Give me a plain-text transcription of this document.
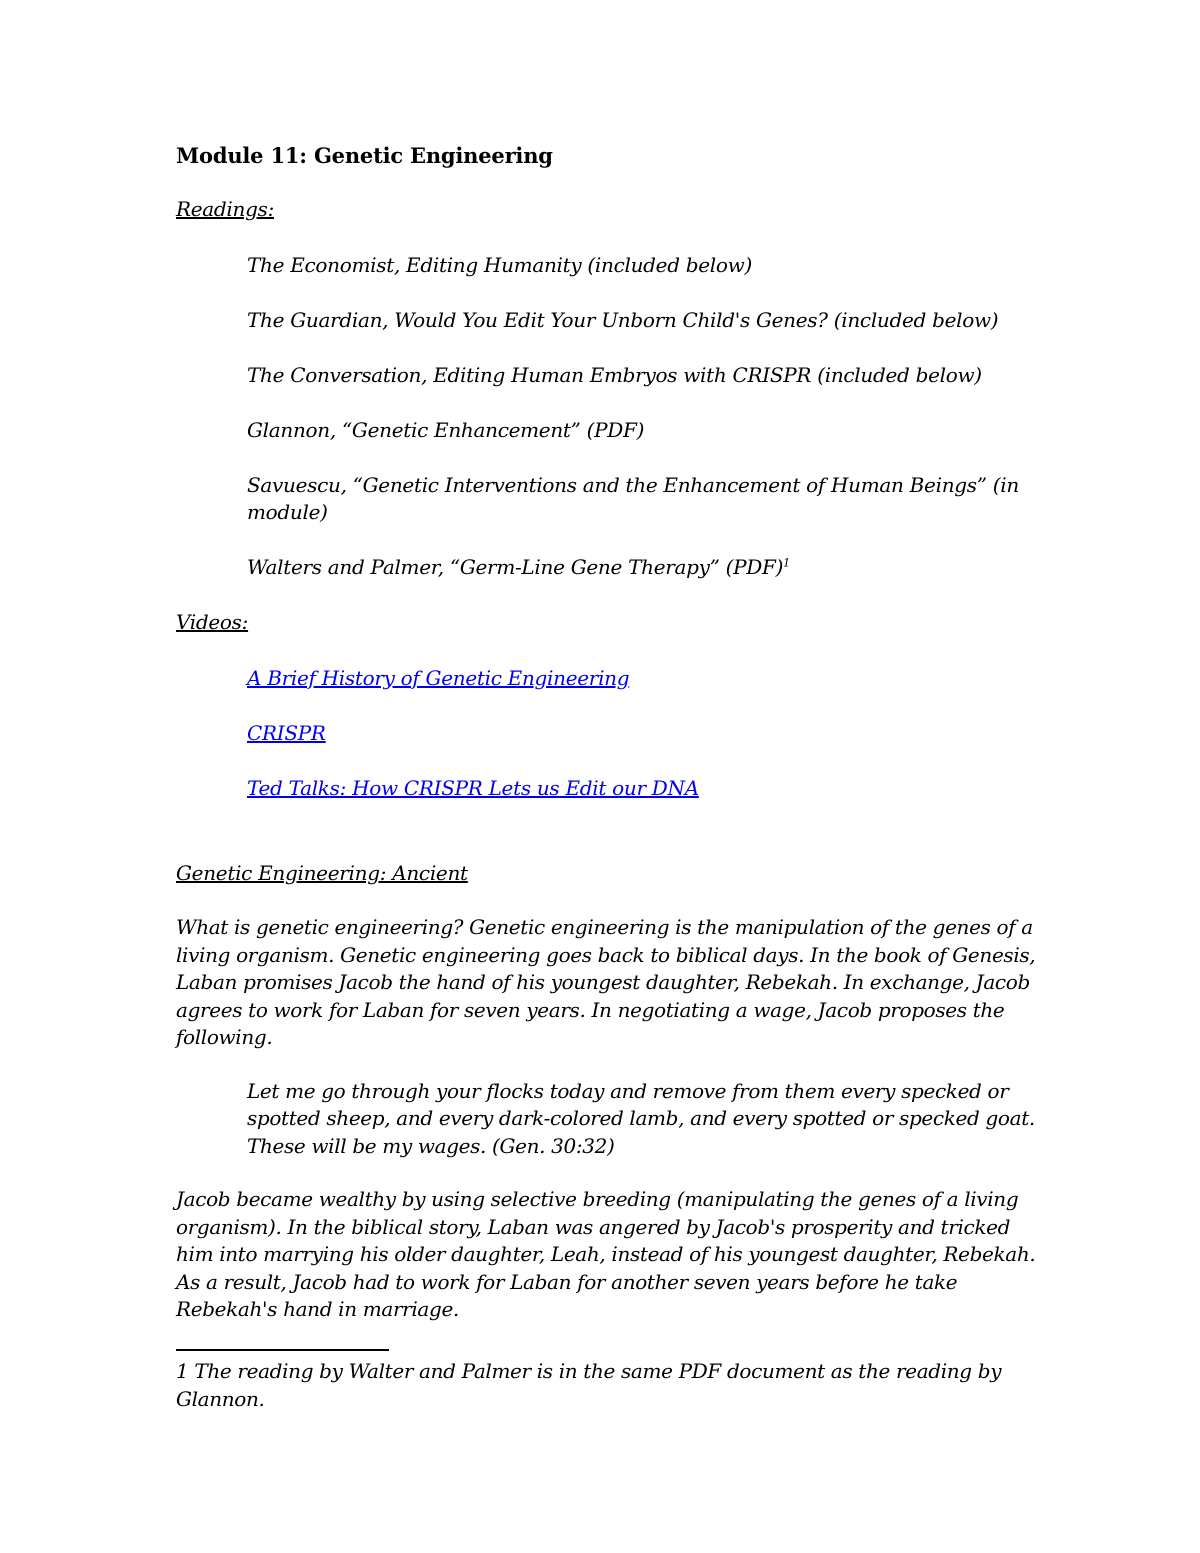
Module 11: Genetic Engineering

Readings:

The Economist, Editing Humanity (included below)
The Guardian, Would You Edit Your Unborn Child's Genes? (included below)
The Conversation, Editing Human Embryos with CRISPR (included below)
Glannon, “Genetic Enhancement” (PDF)
Savuescu, “Genetic Interventions and the Enhancement of Human Beings” (in module)
Walters and Palmer, “Germ-Line Gene Therapy” (PDF)$^1$

Videos:

A Brief History of Genetic Engineering
CRISPR
Ted Talks: How CRISPR Lets us Edit our DNA

Genetic Engineering: Ancient

What is genetic engineering? Genetic engineering is the manipulation of the genes of a living organism. Genetic engineering goes back to biblical days. In the book of Genesis, Laban promises Jacob the hand of his youngest daughter, Rebekah. In exchange, Jacob agrees to work for Laban for seven years. In negotiating a wage, Jacob proposes the following.

Let me go through your flocks today and remove from them every specked or spotted sheep, and every dark-colored lamb, and every spotted or specked goat. These will be my wages. (Gen. 30:32)

Jacob became wealthy by using selective breeding (manipulating the genes of a living organism). In the biblical story, Laban was angered by Jacob's prosperity and tricked him into marrying his older daughter, Leah, instead of his youngest daughter, Rebekah. As a result, Jacob had to work for Laban for another seven years before he take Rebekah's hand in marriage.

1 The reading by Walter and Palmer is in the same PDF document as the reading by Glannon.
